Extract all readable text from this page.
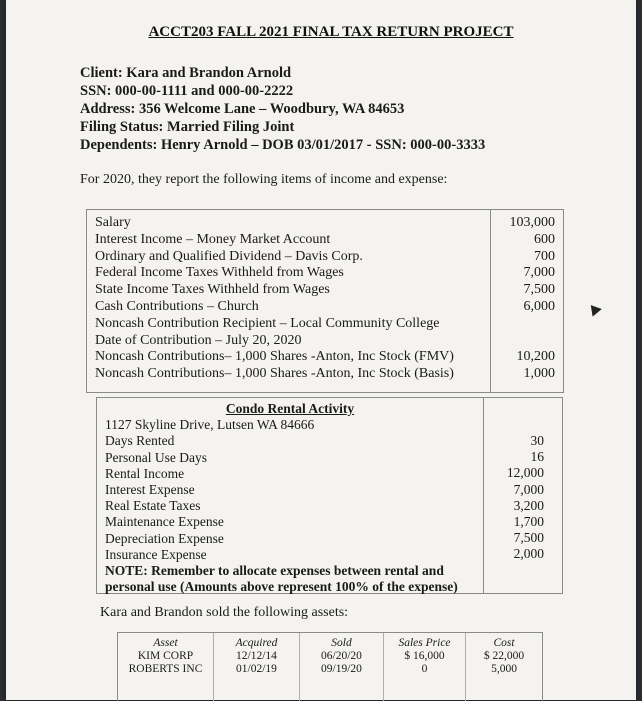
ACCT203 FALL 2021 FINAL TAX RETURN PROJECT
Client: Kara and Brandon Arnold
SSN: 000-00-1111 and 000-00-2222
Address: 356 Welcome Lane – Woodbury, WA 84653
Filing Status: Married Filing Joint
Dependents: Henry Arnold – DOB 03/01/2017 - SSN: 000-00-3333
For 2020, they report the following items of income and expense:
Salary
Interest Income – Money Market Account
Ordinary and Qualified Dividend – Davis Corp.
Federal Income Taxes Withheld from Wages
State Income Taxes Withheld from Wages
Cash Contributions – Church
Noncash Contribution Recipient – Local Community College
Date of Contribution – July 20, 2020
Noncash Contributions– 1,000 Shares -Anton, Inc Stock (FMV)
Noncash Contributions– 1,000 Shares -Anton, Inc Stock (Basis)
103,000
600
700
7,000
7,500
6,000

10,200
1,000
Condo Rental Activity
1127 Skyline Drive, Lutsen WA 84666
Days Rented
Personal Use Days
Rental Income
Interest Expense
Real Estate Taxes
Maintenance Expense
Depreciation Expense
Insurance Expense
NOTE: Remember to allocate expenses between rental and personal use (Amounts above represent 100% of the expense)
30
16
12,000
7,000
3,200
1,700
7,500
2,000
Kara and Brandon sold the following assets:
Asset
KIM CORP
ROBERTS INC
Acquired
12/12/14
01/02/19
Sold
06/20/20
09/19/20
Sales Price
$ 16,000
0
Cost
$ 22,000
5,000
